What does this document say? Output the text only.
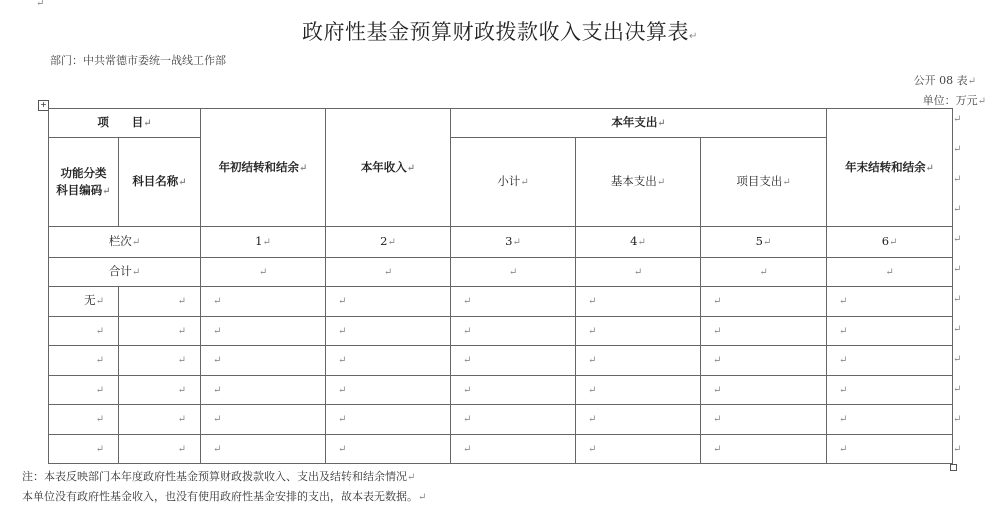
↵
政府性基金预算财政拨款收入支出决算表↵
部门：中共常德市委统一战线工作部
公开 08 表↵
单位：万元↵
+
项　　目↵		年初结转和结余↵	本年收入↵	本年支出↵			年末结转和结余↵
功能分类科目编码↵	科目名称↵			小计↵	基本支出↵	项目支出↵	
栏次↵		1↵	2↵	3↵	4↵	5↵	6↵
合计↵		↵	↵	↵	↵	↵	↵
无↵	↵	↵	↵	↵	↵	↵	↵
↵	↵	↵	↵	↵	↵	↵	↵
↵	↵	↵	↵	↵	↵	↵	↵
↵	↵	↵	↵	↵	↵	↵	↵
↵	↵	↵	↵	↵	↵	↵	↵
↵	↵	↵	↵	↵	↵	↵	↵
↵
↵
↵
↵
↵
↵
↵
↵
↵
↵
↵
↵
注：本表反映部门本年度政府性基金预算财政拨款收入、支出及结转和结余情况↵
本单位没有政府性基金收入，也没有使用政府性基金安排的支出，故本表无数据。↵
